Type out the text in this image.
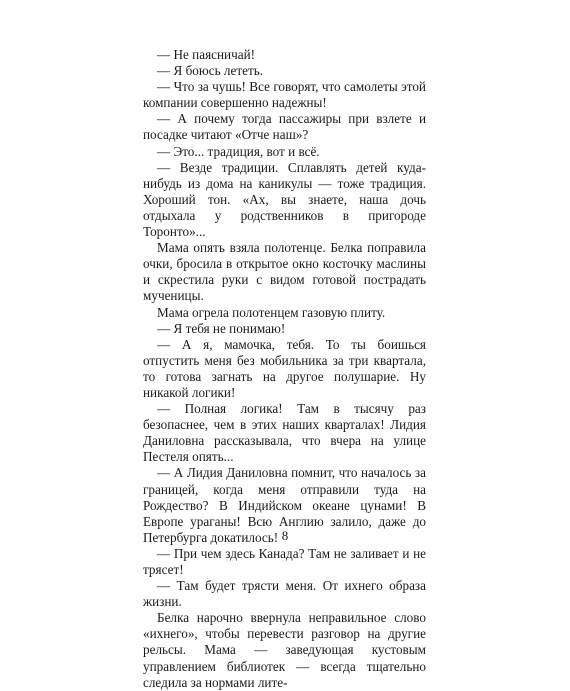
— Не паясничай!

— Я боюсь лететь.

— Что за чушь! Все говорят, что самолеты этой компании совершенно надежны!

— А почему тогда пассажиры при взлете и посадке читают «Отче наш»?

— Это... традиция, вот и всё.

— Везде традиции. Сплавлять детей куда-нибудь из дома на каникулы — тоже традиция. Хороший тон. «Ах, вы знаете, наша дочь отдыхала у родственников в пригороде Торонто»...

Мама опять взяла полотенце. Белка поправила очки, бросила в открытое окно косточку маслины и скрестила руки с видом готовой пострадать мученицы.

Мама огрела полотенцем газовую плиту.

— Я тебя не понимаю!

— А я, мамочка, тебя. То ты боишься отпустить меня без мобильника за три квартала, то готова загнать на другое полушарие. Ну никакой логики!

— Полная логика! Там в тысячу раз безопаснее, чем в этих наших кварталах! Лидия Даниловна рассказывала, что вчера на улице Пестеля опять...

— А Лидия Даниловна помнит, что началось за границей, когда меня отправили туда на Рождество? В Индийском океане цунами! В Европе ураганы! Всю Англию залило, даже до Петербурга докатилось!

— При чем здесь Канада? Там не заливает и не трясет!

— Там будет трясти меня. От ихнего образа жизни.

Белка нарочно ввернула неправильное слово «ихнего», чтобы перевести разговор на другие рельсы. Мама — заведующая кустовым управлением библиотек — всегда тщательно следила за нормами лите-

8
